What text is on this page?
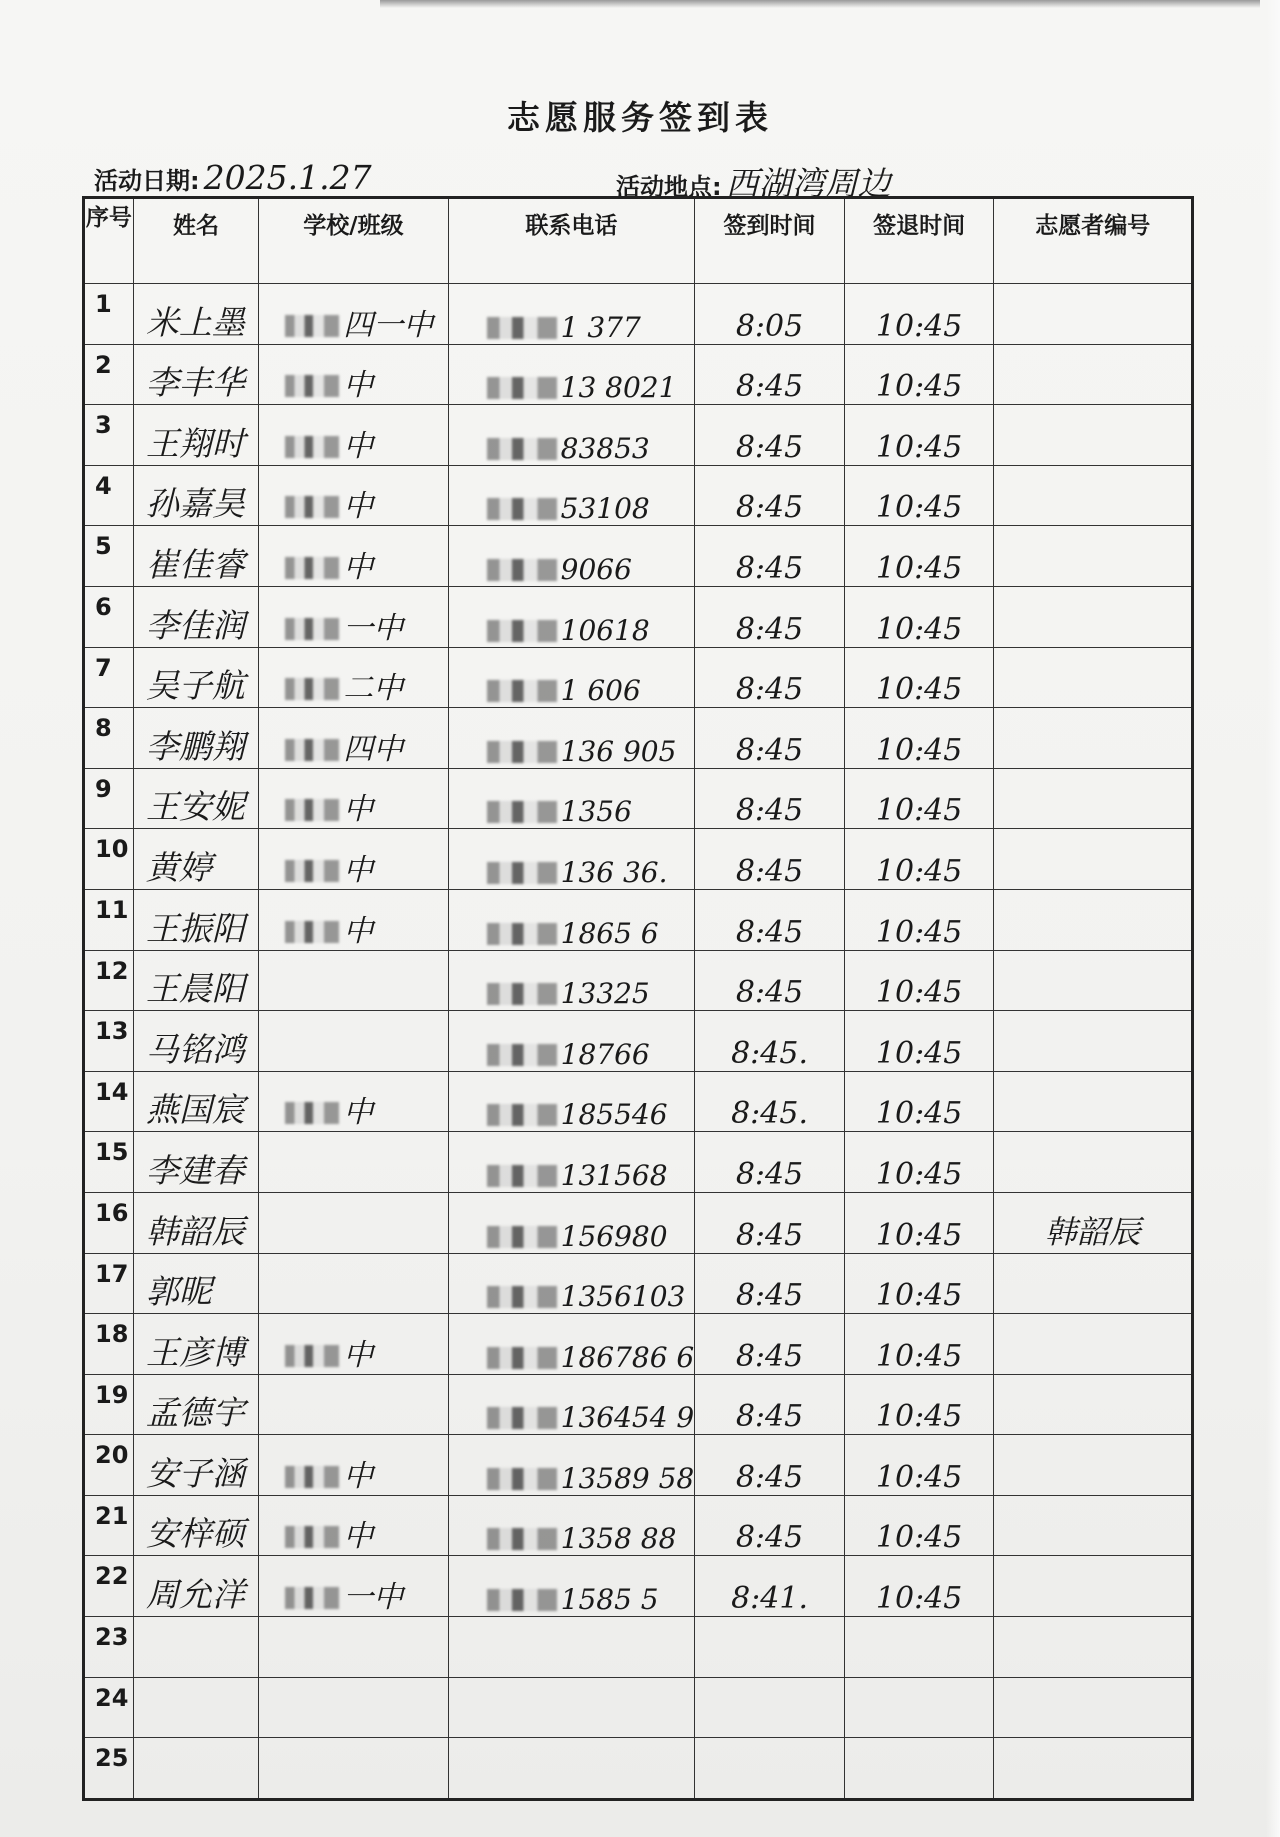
志愿服务签到表
活动日期: 2025.1.27	活动地点: 西湖湾周边
序号	姓名	学校/班级	联系电话	签到时间	签退时间	志愿者编号
1	米上墨	四一中	1 377	8:05	10:45	
2	李丰华	中	13 8021	8:45	10:45	
3	王翔时	中	83853	8:45	10:45	
4	孙嘉昊	中	53108	8:45	10:45	
5	崔佳睿	中	9066	8:45	10:45	
6	李佳润	一中	10618	8:45	10:45	
7	吴子航	二中	1 606	8:45	10:45	
8	李鹏翔	四中	136 905	8:45	10:45	
9	王安妮	中	1356	8:45	10:45	
10	黄婷	中	136 36.	8:45	10:45	
11	王振阳	中	1865 6	8:45	10:45	
12	王晨阳		13325	8:45	10:45	
13	马铭鸿		18766	8:45.	10:45	
14	燕国宸	中	185546	8:45.	10:45	
15	李建春		131568	8:45	10:45	
16	韩韶辰		156980	8:45	10:45	韩韶辰
17	郭昵		1356103	8:45	10:45	
18	王彦博	中	186786 6	8:45	10:45	
19	孟德宇		136454 9	8:45	10:45	
20	安子涵	中	13589 58	8:45	10:45	
21	安梓硕	中	1358 88	8:45	10:45	
22	周允洋	一中	1585 5	8:41.	10:45	
23						
24						
25						
